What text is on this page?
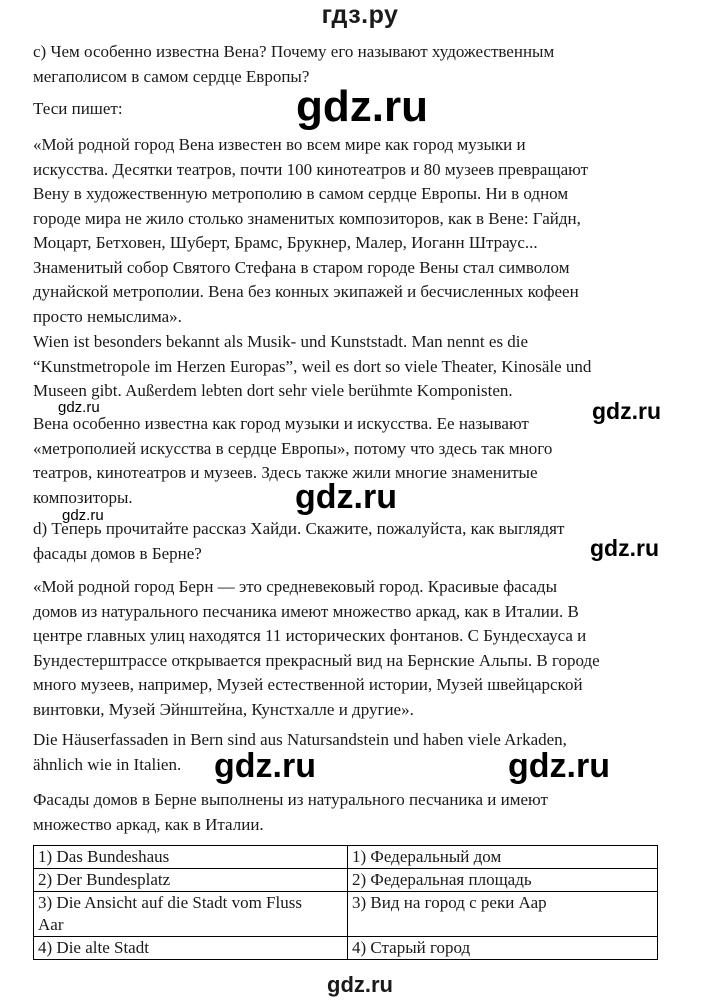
гдз.ру
c) Чем особенно известна Вена? Почему его называют художественным
мегаполисом в самом сердце Европы?
Теси пишет:
«Мой родной город Вена известен во всем мире как город музыки и
искусства. Десятки театров, почти 100 кинотеатров и 80 музеев превращают
Вену в художественную метрополию в самом сердце Европы. Ни в одном
городе мира не жило столько знаменитых композиторов, как в Вене: Гайдн,
Моцарт, Бетховен, Шуберт, Брамс, Брукнер, Малер, Иоганн Штраус...
Знаменитый собор Святого Стефана в старом городе Вены стал символом
дунайской метрополии. Вена без конных экипажей и бесчисленных кофеен
просто немыслима».
Wien ist besonders bekannt als Musik- und Kunststadt. Man nennt es die
“Kunstmetropole im Herzen Europas”, weil es dort so viele Theater, Kinosäle und
Museen gibt. Außerdem lebten dort sehr viele berühmte Komponisten.
Вена особенно известна как город музыки и искусства. Ее называют
«метрополией искусства в сердце Европы», потому что здесь так много
театров, кинотеатров и музеев. Здесь также жили многие знаменитые
композиторы.
d) Теперь прочитайте рассказ Хайди. Скажите, пожалуйста, как выглядят
фасады домов в Берне?
«Мой родной город Берн — это средневековый город. Красивые фасады
домов из натурального песчаника имеют множество аркад, как в Италии. В
центре главных улиц находятся 11 исторических фонтанов. С Бундесхауса и
Бундестерштрассе открывается прекрасный вид на Бернские Альпы. В городе
много музеев, например, Музей естественной истории, Музей швейцарской
винтовки, Музей Эйнштейна, Кунстхалле и другие».
Die Häuserfassaden in Bern sind aus Natursandstein und haben viele Arkaden,
ähnlich wie in Italien.
Фасады домов в Берне выполнены из натурального песчаника и имеют
множество аркад, как в Италии.
1) Das Bundeshaus	1) Федеральный дом
2) Der Bundesplatz	2) Федеральная площадь

3) Die Ansicht auf die Stadt vom Fluss
Aar	3) Вид на город с реки Аар
4) Die alte Stadt	4) Старый город
gdz.ru
gdz.ru
gdz.ru
gdz.ru
gdz.ru
gdz.ru
gdz.ru	gdz.ru
gdz.ru
